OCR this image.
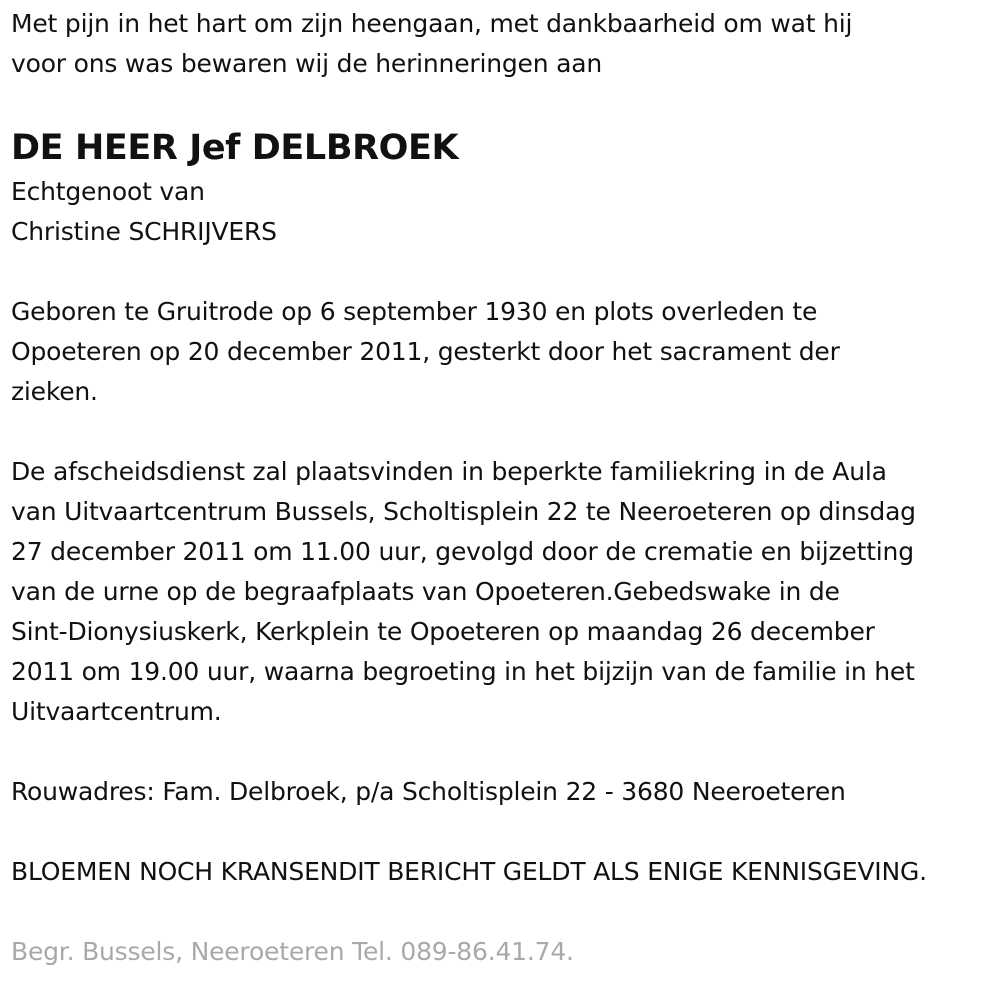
Met pijn in het hart om zijn heengaan, met dankbaarheid om wat hij
voor ons was bewaren wij de herinneringen aan
DE HEER Jef DELBROEK
Echtgenoot van
Christine SCHRIJVERS
Geboren te Gruitrode op 6 september 1930 en plots overleden te
Opoeteren op 20 december 2011, gesterkt door het sacrament der
zieken.
De afscheidsdienst zal plaatsvinden in beperkte familiekring in de Aula
van Uitvaartcentrum Bussels, Scholtisplein 22 te Neeroeteren op dinsdag
27 december 2011 om 11.00 uur, gevolgd door de crematie en bijzetting
van de urne op de begraafplaats van Opoeteren.Gebedswake in de
Sint-Dionysiuskerk, Kerkplein te Opoeteren op maandag 26 december
2011 om 19.00 uur, waarna begroeting in het bijzijn van de familie in het
Uitvaartcentrum.
Rouwadres: Fam. Delbroek, p/a Scholtisplein 22 - 3680 Neeroeteren
BLOEMEN NOCH KRANSENDIT BERICHT GELDT ALS ENIGE KENNISGEVING.
Begr. Bussels, Neeroeteren Tel. 089-86.41.74.
